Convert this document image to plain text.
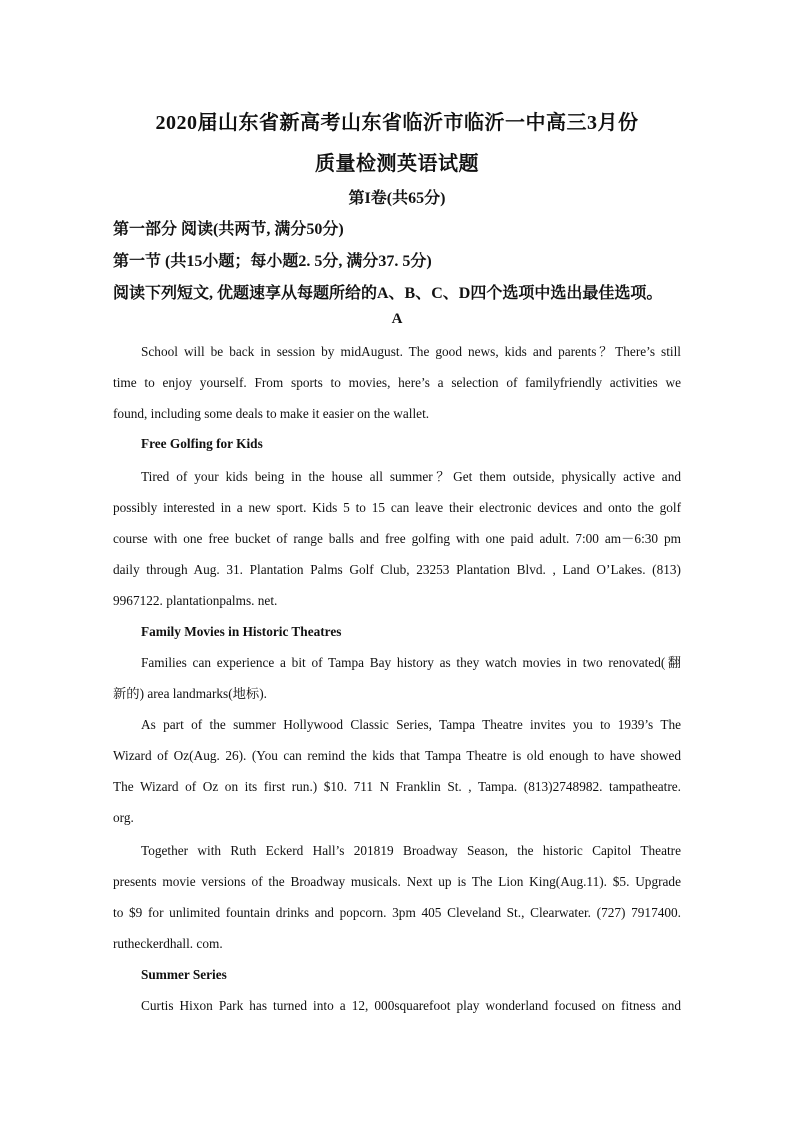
2020届山东省新高考山东省临沂市临沂一中高三3月份
质量检测英语试题
第I卷(共65分)
第一部分 阅读(共两节, 满分50分)
第一节 (共15小题；每小题2. 5分, 满分37. 5分)
阅读下列短文, 优题速享从每题所给的A、B、C、D四个选项中选出最佳选项。
A
School will be back in session by midAugust. The good news, kids and parents？There’s still
time to enjoy yourself. From sports to movies, here’s a selection of familyfriendly activities we
found, including some deals to make it easier on the wallet.
Free Golfing for Kids
Tired of your kids being in the house all summer？Get them outside, physically active and
possibly interested in a new sport. Kids 5 to 15 can leave their electronic devices and onto the golf
course with one free bucket of range balls and free golfing with one paid adult. 7:00 am－6:30 pm
daily through Aug. 31. Plantation Palms Golf Club, 23253 Plantation Blvd. , Land O’Lakes. (813)
9967122. plantationpalms. net.
Family Movies in Historic Theatres
Families can experience a bit of Tampa Bay history as they watch movies in two renovated(翻
新的) area landmarks(地标).
As part of the summer Hollywood Classic Series, Tampa Theatre invites you to 1939’s The
Wizard of Oz(Aug. 26). (You can remind the kids that Tampa Theatre is old enough to have showed
The Wizard of Oz on its first run.) $10. 711 N Franklin St. , Tampa. (813)2748982. tampatheatre.
org.
Together with Ruth Eckerd Hall’s 201819 Broadway Season, the historic Capitol Theatre
presents movie versions of the Broadway musicals. Next up is The Lion King(Aug.11). $5. Upgrade
to $9 for unlimited fountain drinks and popcorn. 3pm 405 Cleveland St., Clearwater. (727) 7917400.
rutheckerdhall. com.
Summer Series
Curtis Hixon Park has turned into a 12, 000squarefoot play wonderland focused on fitness and
